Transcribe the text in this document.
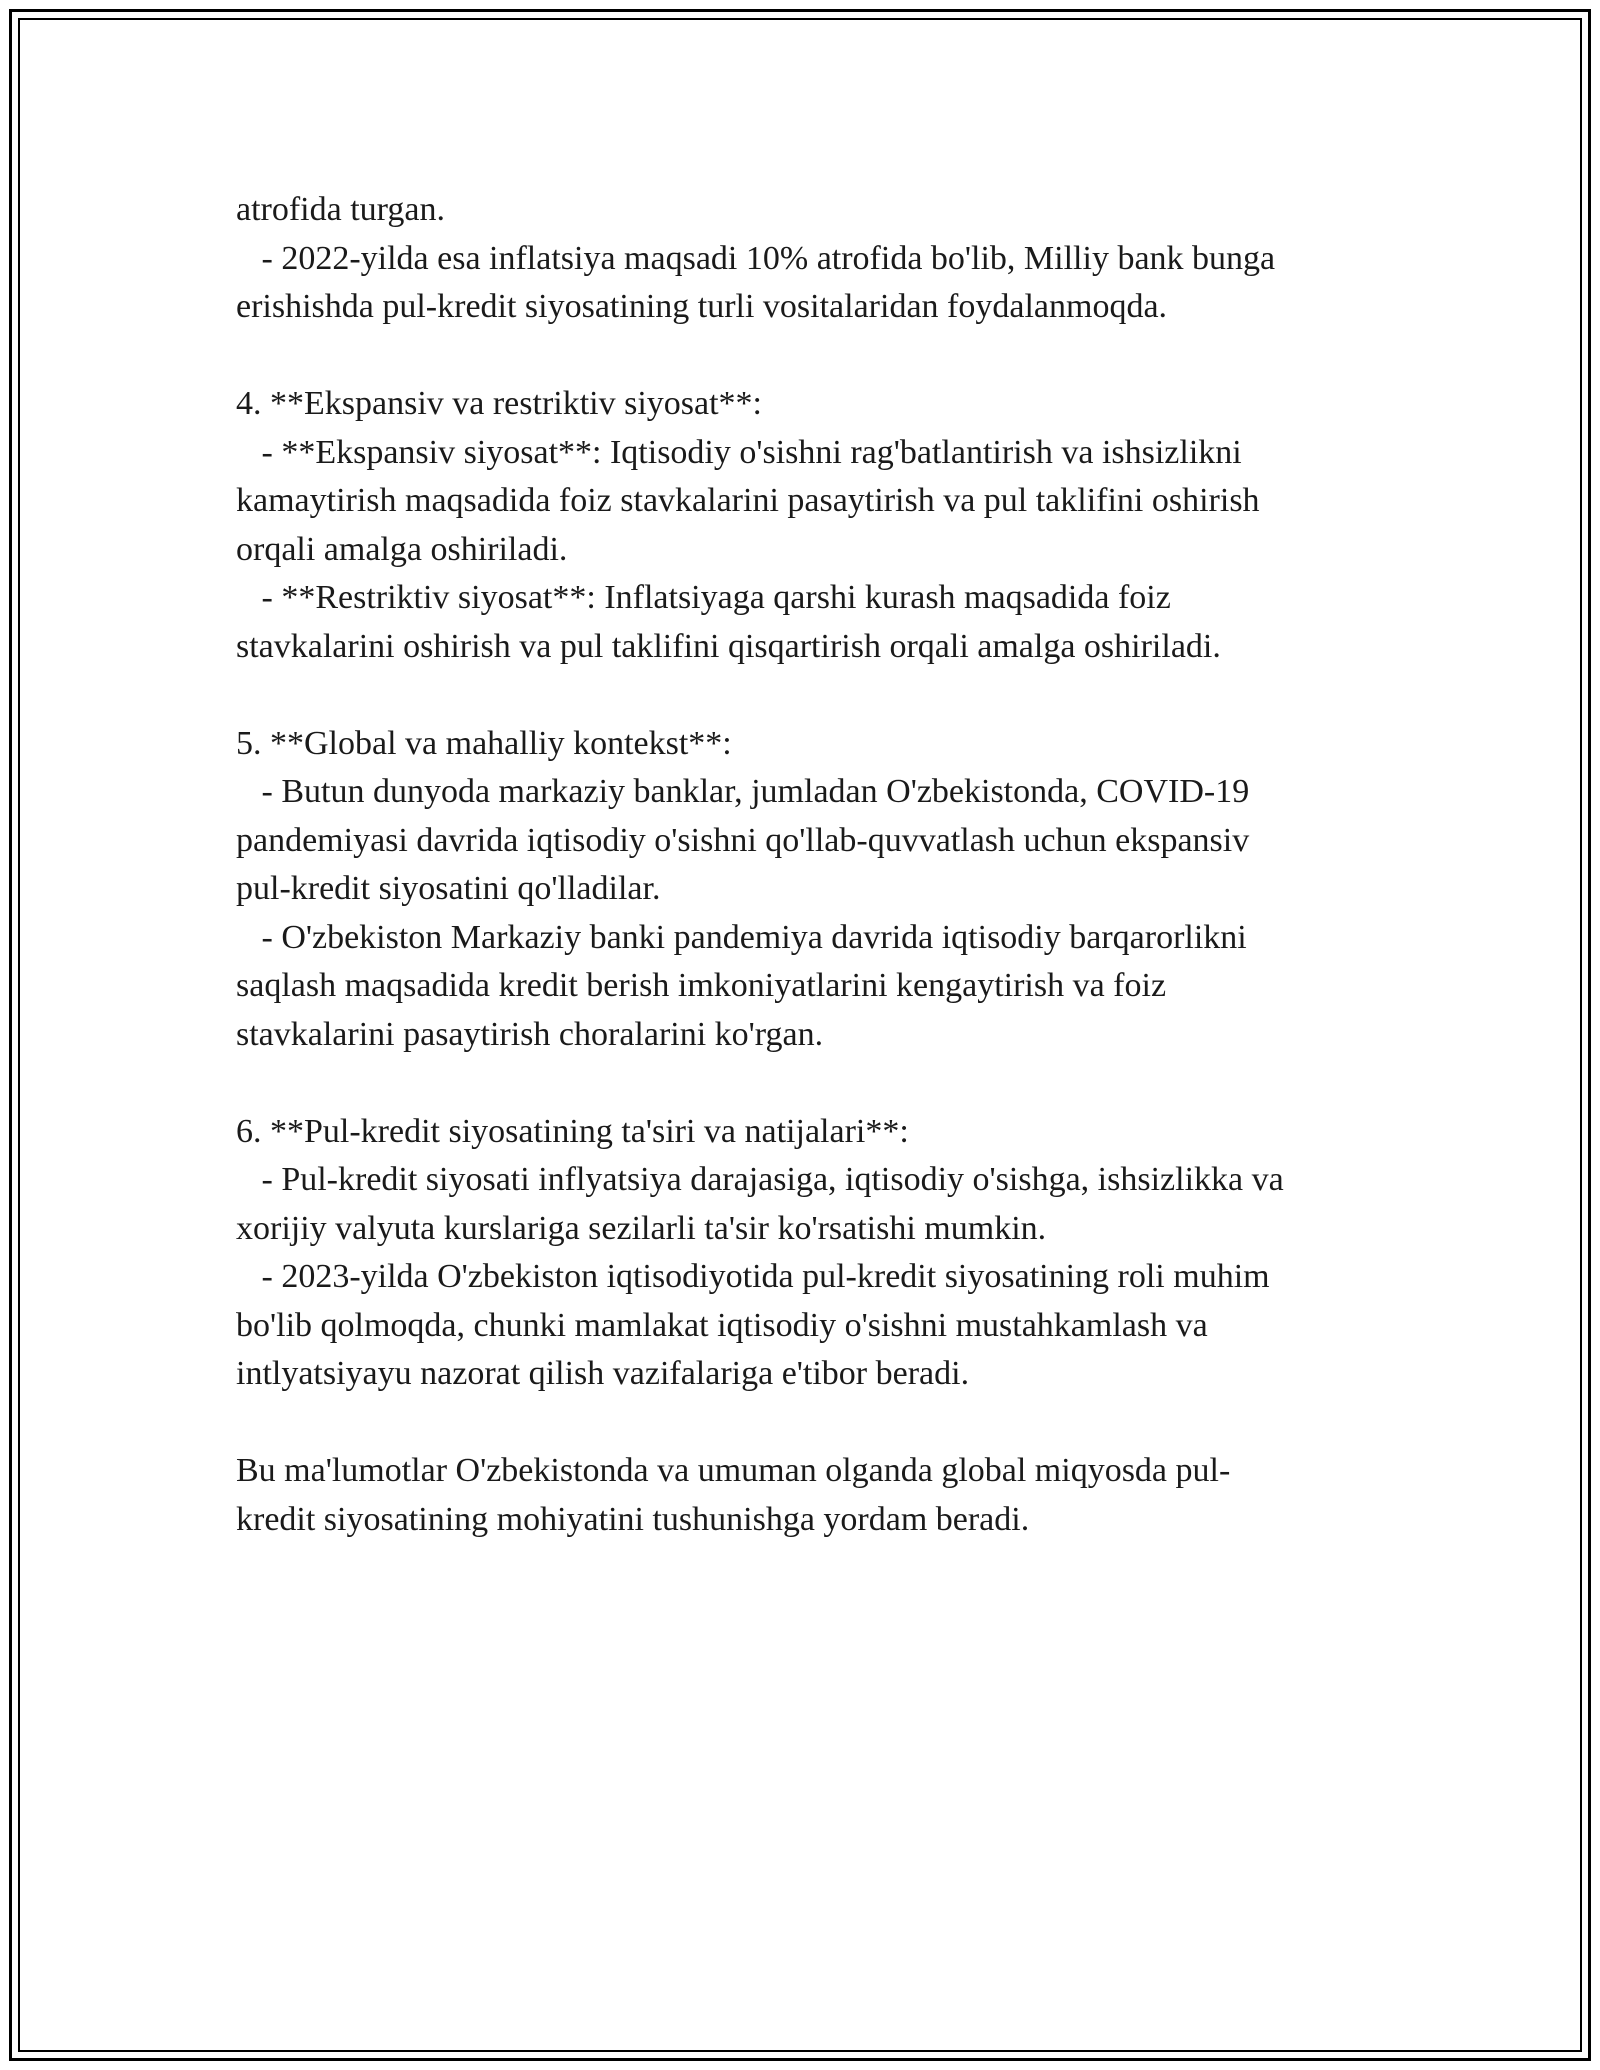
atrofida turgan.
- 2022-yilda esa inflatsiya maqsadi 10% atrofida bo'lib, Milliy bank bunga
erishishda pul-kredit siyosatining turli vositalaridan foydalanmoqda.
4. **Ekspansiv va restriktiv siyosat**:
- **Ekspansiv siyosat**: Iqtisodiy o'sishni rag'batlantirish va ishsizlikni
kamaytirish maqsadida foiz stavkalarini pasaytirish va pul taklifini oshirish
orqali amalga oshiriladi.
- **Restriktiv siyosat**: Inflatsiyaga qarshi kurash maqsadida foiz
stavkalarini oshirish va pul taklifini qisqartirish orqali amalga oshiriladi.
5. **Global va mahalliy kontekst**:
- Butun dunyoda markaziy banklar, jumladan O'zbekistonda, COVID-19
pandemiyasi davrida iqtisodiy o'sishni qo'llab-quvvatlash uchun ekspansiv
pul-kredit siyosatini qo'lladilar.
- O'zbekiston Markaziy banki pandemiya davrida iqtisodiy barqarorlikni
saqlash maqsadida kredit berish imkoniyatlarini kengaytirish va foiz
stavkalarini pasaytirish choralarini ko'rgan.
6. **Pul-kredit siyosatining ta'siri va natijalari**:
- Pul-kredit siyosati inflyatsiya darajasiga, iqtisodiy o'sishga, ishsizlikka va
xorijiy valyuta kurslariga sezilarli ta'sir ko'rsatishi mumkin.
- 2023-yilda O'zbekiston iqtisodiyotida pul-kredit siyosatining roli muhim
bo'lib qolmoqda, chunki mamlakat iqtisodiy o'sishni mustahkamlash va
intlyatsiyayu nazorat qilish vazifalariga e'tibor beradi.
Bu ma'lumotlar O'zbekistonda va umuman olganda global miqyosda pul-
kredit siyosatining mohiyatini tushunishga yordam beradi.
